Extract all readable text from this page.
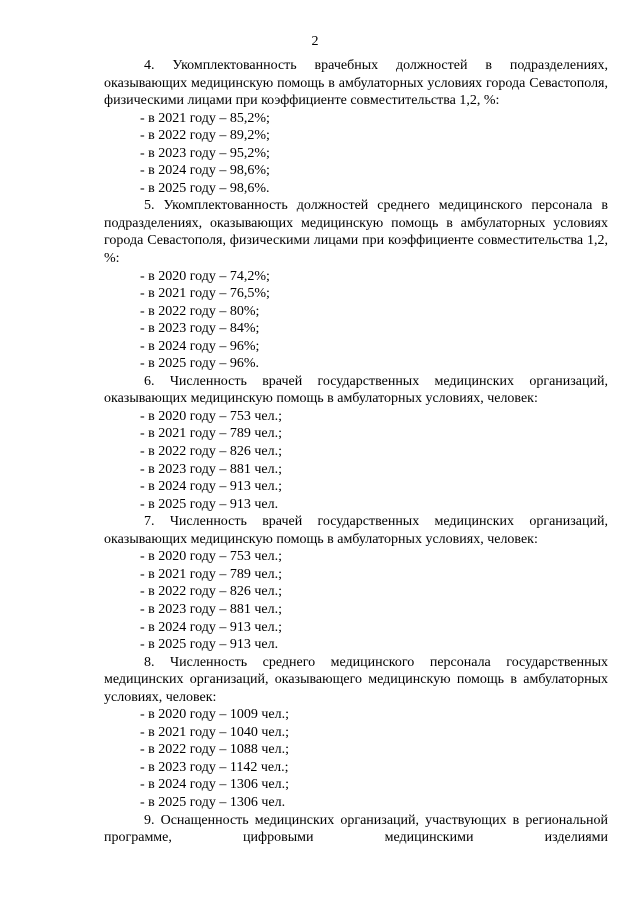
2

4. Укомплектованность врачебных должностей в подразделениях, оказывающих медицинскую помощь в амбулаторных условиях города Севастополя, физическими лицами при коэффициенте совместительства 1,2, %:

- в 2021 году – 85,2%;
- в 2022 году – 89,2%;
- в 2023 году – 95,2%;
- в 2024 году – 98,6%;
- в 2025 году – 98,6%.

5. Укомплектованность должностей среднего медицинского персонала в подразделениях, оказывающих медицинскую помощь в амбулаторных условиях города Севастополя, физическими лицами при коэффициенте совместительства 1,2, %:

- в 2020 году – 74,2%;
- в 2021 году – 76,5%;
- в 2022 году – 80%;
- в 2023 году – 84%;
- в 2024 году – 96%;
- в 2025 году – 96%.

6. Численность врачей государственных медицинских организаций, оказывающих медицинскую помощь в амбулаторных условиях, человек:

- в 2020 году – 753 чел.;
- в 2021 году – 789 чел.;
- в 2022 году – 826 чел.;
- в 2023 году – 881 чел.;
- в 2024 году – 913 чел.;
- в 2025 году – 913 чел.

7. Численность врачей государственных медицинских организаций, оказывающих медицинскую помощь в амбулаторных условиях, человек:

- в 2020 году – 753 чел.;
- в 2021 году – 789 чел.;
- в 2022 году – 826 чел.;
- в 2023 году – 881 чел.;
- в 2024 году – 913 чел.;
- в 2025 году – 913 чел.

8. Численность среднего медицинского персонала государственных медицинских организаций, оказывающего медицинскую помощь в амбулаторных условиях, человек:

- в 2020 году – 1009 чел.;
- в 2021 году – 1040 чел.;
- в 2022 году – 1088 чел.;
- в 2023 году – 1142 чел.;
- в 2024 году – 1306 чел.;
- в 2025 году – 1306 чел.

9. Оснащенность медицинских организаций, участвующих в региональной программе, цифровыми медицинскими изделиями
